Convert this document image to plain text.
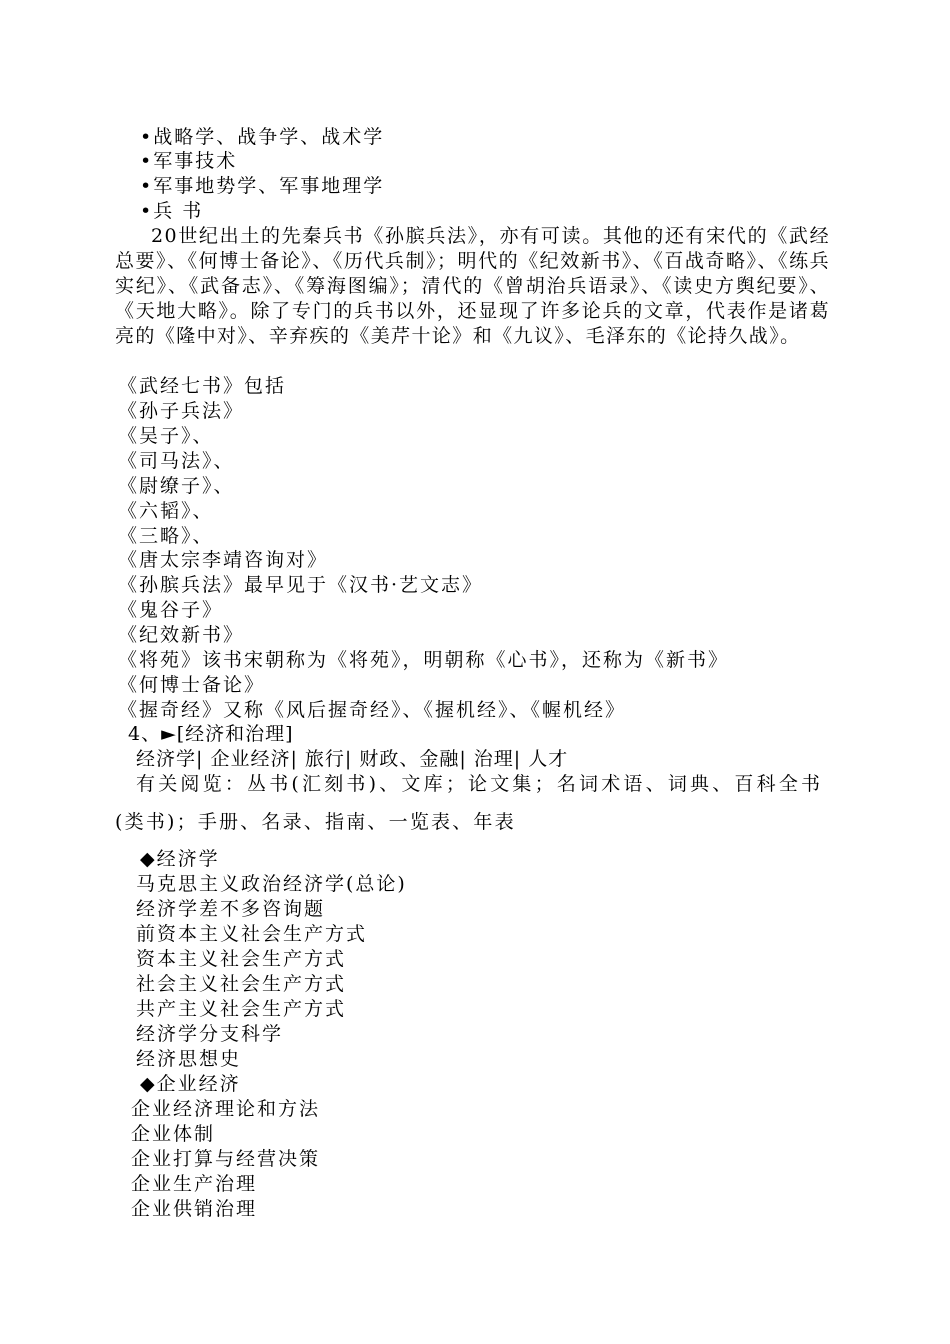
•战略学、战争学、战术学
•军事技术
•军事地势学、军事地理学
•兵 书
20世纪出土的先秦兵书《孙膑兵法》，亦有可读。其他的还有宋代的《武经总要》、《何博士备论》、《历代兵制》；明代的《纪效新书》、《百战奇略》、《练兵实纪》、《武备志》、《筹海图编》；清代的《曾胡治兵语录》、《读史方舆纪要》、《天地大略》。除了专门的兵书以外，还显现了许多论兵的文章，代表作是诸葛亮的《隆中对》、辛弃疾的《美芹十论》和《九议》、毛泽东的《论持久战》。
《武经七书》包括
《孙子兵法》
《吴子》、
《司马法》、
《尉缭子》、
《六韬》、
《三略》、
《唐太宗李靖咨询对》
《孙膑兵法》最早见于《汉书·艺文志》
《鬼谷子》
《纪效新书》
《将苑》该书宋朝称为《将苑》，明朝称《心书》，还称为《新书》
《何博士备论》
《握奇经》又称《风后握奇经》、《握机经》、《幄机经》
4、►[经济和治理]
经济学| 企业经济| 旅行| 财政、金融| 治理| 人才
有关阅览：丛书(汇刻书)、文库；论文集；名词术语、词典、百科全书
(类书)；手册、名录、指南、一览表、年表
◆经济学
马克思主义政治经济学(总论)
经济学差不多咨询题
前资本主义社会生产方式
资本主义社会生产方式
社会主义社会生产方式
共产主义社会生产方式
经济学分支科学
经济思想史
◆企业经济
企业经济理论和方法
企业体制
企业打算与经营决策
企业生产治理
企业供销治理
